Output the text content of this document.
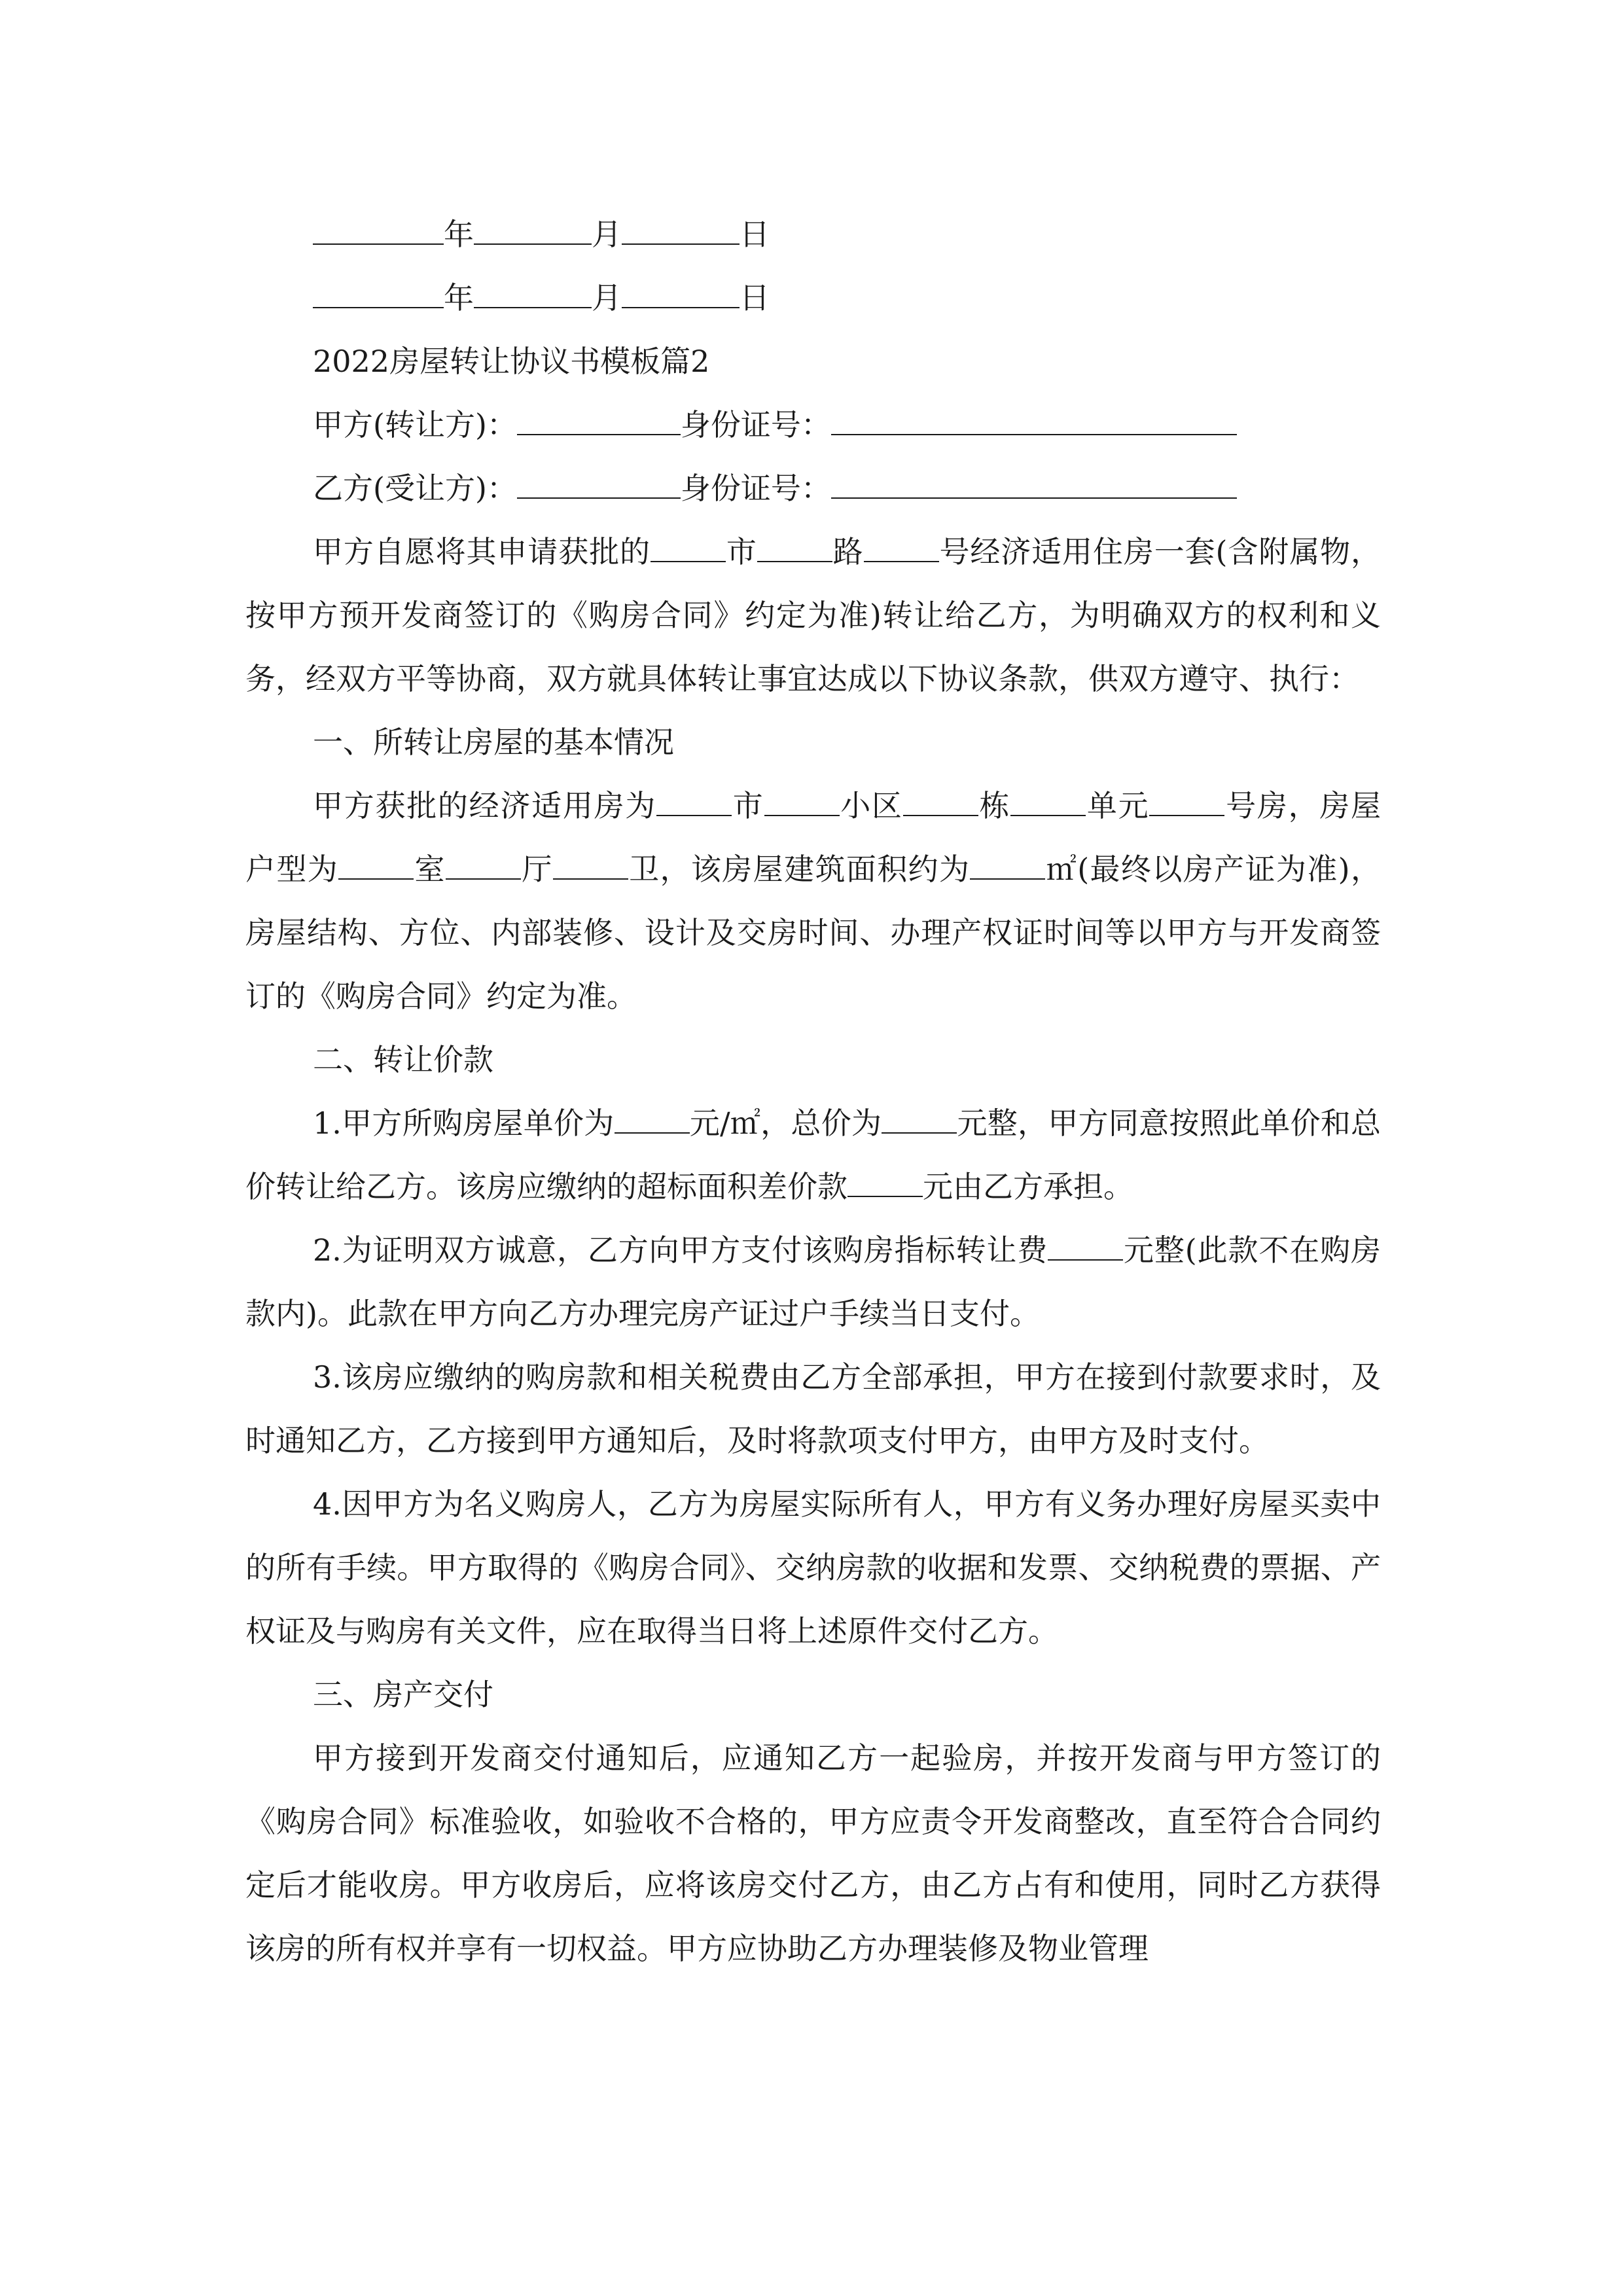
年	月	日
年	月	日
2022房屋转让协议书模板篇2
甲方(转让方)：	身份证号：
乙方(受让方)：	身份证号：

甲方自愿将其申请获批的	市	路	号经济适用住房一套(含附属物，按甲方预开发商签订的《购房合同》约定为准)转让给乙方，为明确双方的权利和义务，经双方平等协商，双方就具体转让事宜达成以下协议条款，供双方遵守、执行：

一、所转让房屋的基本情况

甲方获批的经济适用房为	市	小区	栋	单元	号房，房屋户型为	室	厅	卫，该房屋建筑面积约为	㎡(最终以房产证为准)，房屋结构、方位、内部装修、设计及交房时间、办理产权证时间等以甲方与开发商签订的《购房合同》约定为准。

二、转让价款

1.甲方所购房屋单价为	元/㎡，总价为	元整，甲方同意按照此单价和总价转让给乙方。该房应缴纳的超标面积差价款	元由乙方承担。

2.为证明双方诚意，乙方向甲方支付该购房指标转让费	元整(此款不在购房款内)。此款在甲方向乙方办理完房产证过户手续当日支付。

3.该房应缴纳的购房款和相关税费由乙方全部承担，甲方在接到付款要求时，及时通知乙方，乙方接到甲方通知后，及时将款项支付甲方，由甲方及时支付。

4.因甲方为名义购房人，乙方为房屋实际所有人，甲方有义务办理好房屋买卖中的所有手续。甲方取得的《购房合同》、交纳房款的收据和发票、交纳税费的票据、产权证及与购房有关文件，应在取得当日将上述原件交付乙方。

三、房产交付

甲方接到开发商交付通知后，应通知乙方一起验房，并按开发商与甲方签订的《购房合同》标准验收，如验收不合格的，甲方应责令开发商整改，直至符合合同约定后才能收房。甲方收房后，应将该房交付乙方，由乙方占有和使用，同时乙方获得该房的所有权并享有一切权益。甲方应协助乙方办理装修及物业管理
